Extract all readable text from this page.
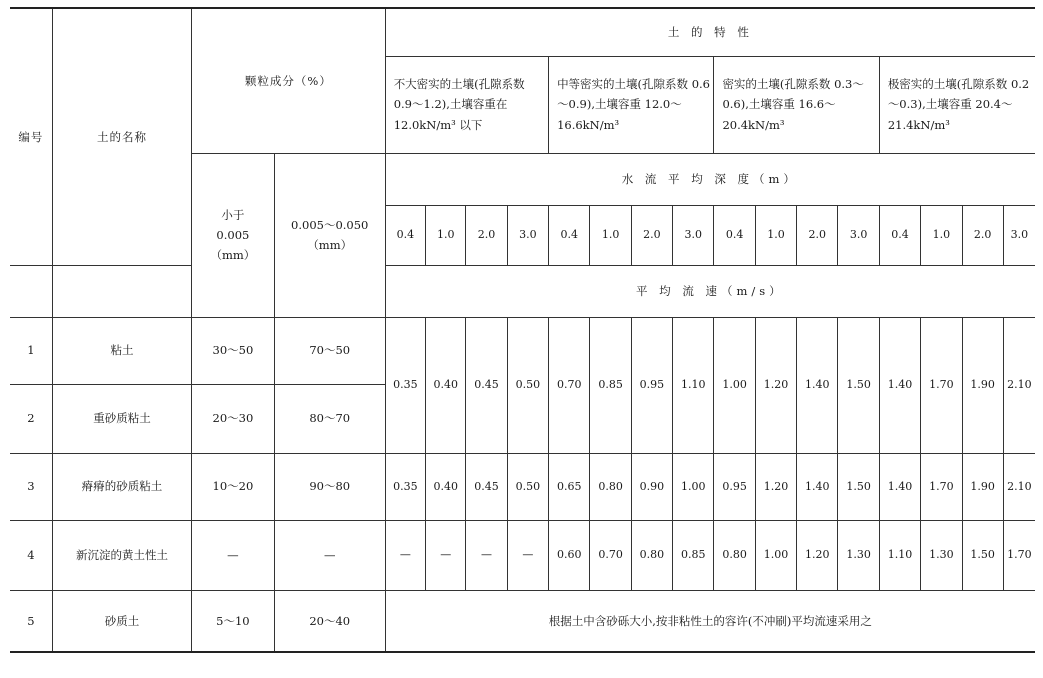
编号	土的名称	颗粒成分（%）		土 的 特 性															
				不大密实的土壤(孔隙系数 0.9～1.2),土壤容重在 12.0kN/m³ 以下				中等密实的土壤(孔隙系数 0.6～0.9),土壤容重 12.0～16.6kN/m³				密实的土壤(孔隙系数 0.3～0.6),土壤容重 16.6～20.4kN/m³				极密实的土壤(孔隙系数 0.2～0.3),土壤容重 20.4～21.4kN/m³			
		小于 0.005（mm）	0.005～0.050（mm）	水 流 平 均 深 度（m）															
				0.4	1.0	2.0	3.0	0.4	1.0	2.0	3.0	0.4	1.0	2.0	3.0	0.4	1.0	2.0	3.0
				平 均 流 速（m/s）															
1	粘土	30～50	70～50	0.35	0.40	0.45	0.50	0.70	0.85	0.95	1.10	1.00	1.20	1.40	1.50	1.40	1.70	1.90	2.10
2	重砂质粘土	20～30	80～70																
3	瘠瘠的砂质粘土	10～20	90～80	0.35	0.40	0.45	0.50	0.65	0.80	0.90	1.00	0.95	1.20	1.40	1.50	1.40	1.70	1.90	2.10
4	新沉淀的黄土性土	—	—	—	—	—	—	0.60	0.70	0.80	0.85	0.80	1.00	1.20	1.30	1.10	1.30	1.50	1.70
5	砂质土	5～10	20～40	根据土中含砂砾大小,按非粘性土的容许(不冲刷)平均流速采用之															
